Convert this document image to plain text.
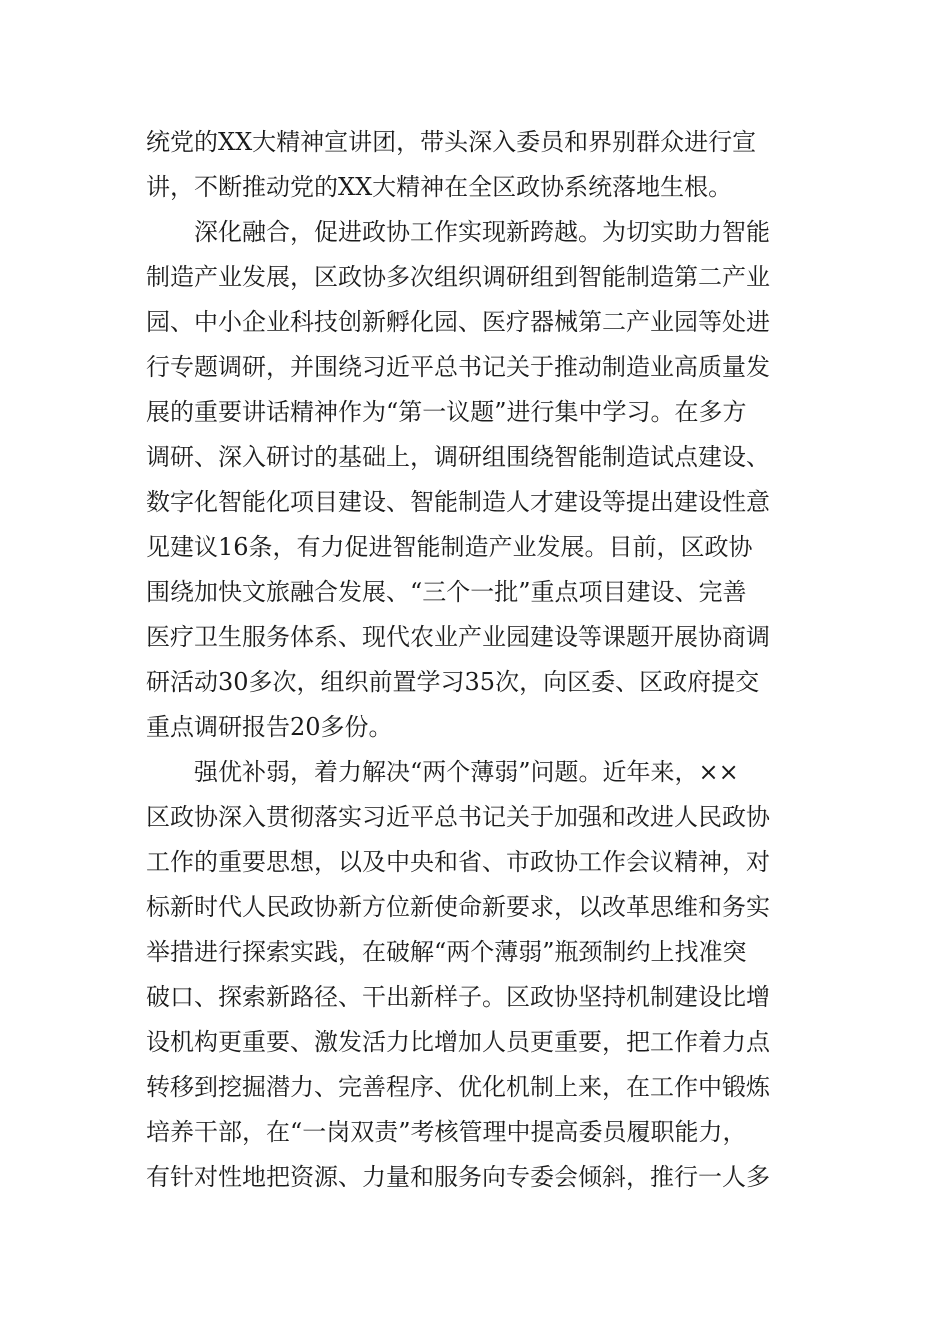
统党的XX大精神宣讲团，带头深入委员和界别群众进行宣
讲，不断推动党的XX大精神在全区政协系统落地生根。
　　深化融合，促进政协工作实现新跨越。为切实助力智能
制造产业发展，区政协多次组织调研组到智能制造第二产业
园、中小企业科技创新孵化园、医疗器械第二产业园等处进
行专题调研，并围绕习近平总书记关于推动制造业高质量发
展的重要讲话精神作为“第一议题”进行集中学习。在多方
调研、深入研讨的基础上，调研组围绕智能制造试点建设、
数字化智能化项目建设、智能制造人才建设等提出建设性意
见建议16条，有力促进智能制造产业发展。目前，区政协
围绕加快文旅融合发展、“三个一批”重点项目建设、完善
医疗卫生服务体系、现代农业产业园建设等课题开展协商调
研活动30多次，组织前置学习35次，向区委、区政府提交
重点调研报告20多份。
　　强优补弱，着力解决“两个薄弱”问题。近年来，××
区政协深入贯彻落实习近平总书记关于加强和改进人民政协
工作的重要思想，以及中央和省、市政协工作会议精神，对
标新时代人民政协新方位新使命新要求，以改革思维和务实
举措进行探索实践，在破解“两个薄弱”瓶颈制约上找准突
破口、探索新路径、干出新样子。区政协坚持机制建设比增
设机构更重要、激发活力比增加人员更重要，把工作着力点
转移到挖掘潜力、完善程序、优化机制上来，在工作中锻炼
培养干部，在“一岗双责”考核管理中提高委员履职能力，
有针对性地把资源、力量和服务向专委会倾斜，推行一人多
